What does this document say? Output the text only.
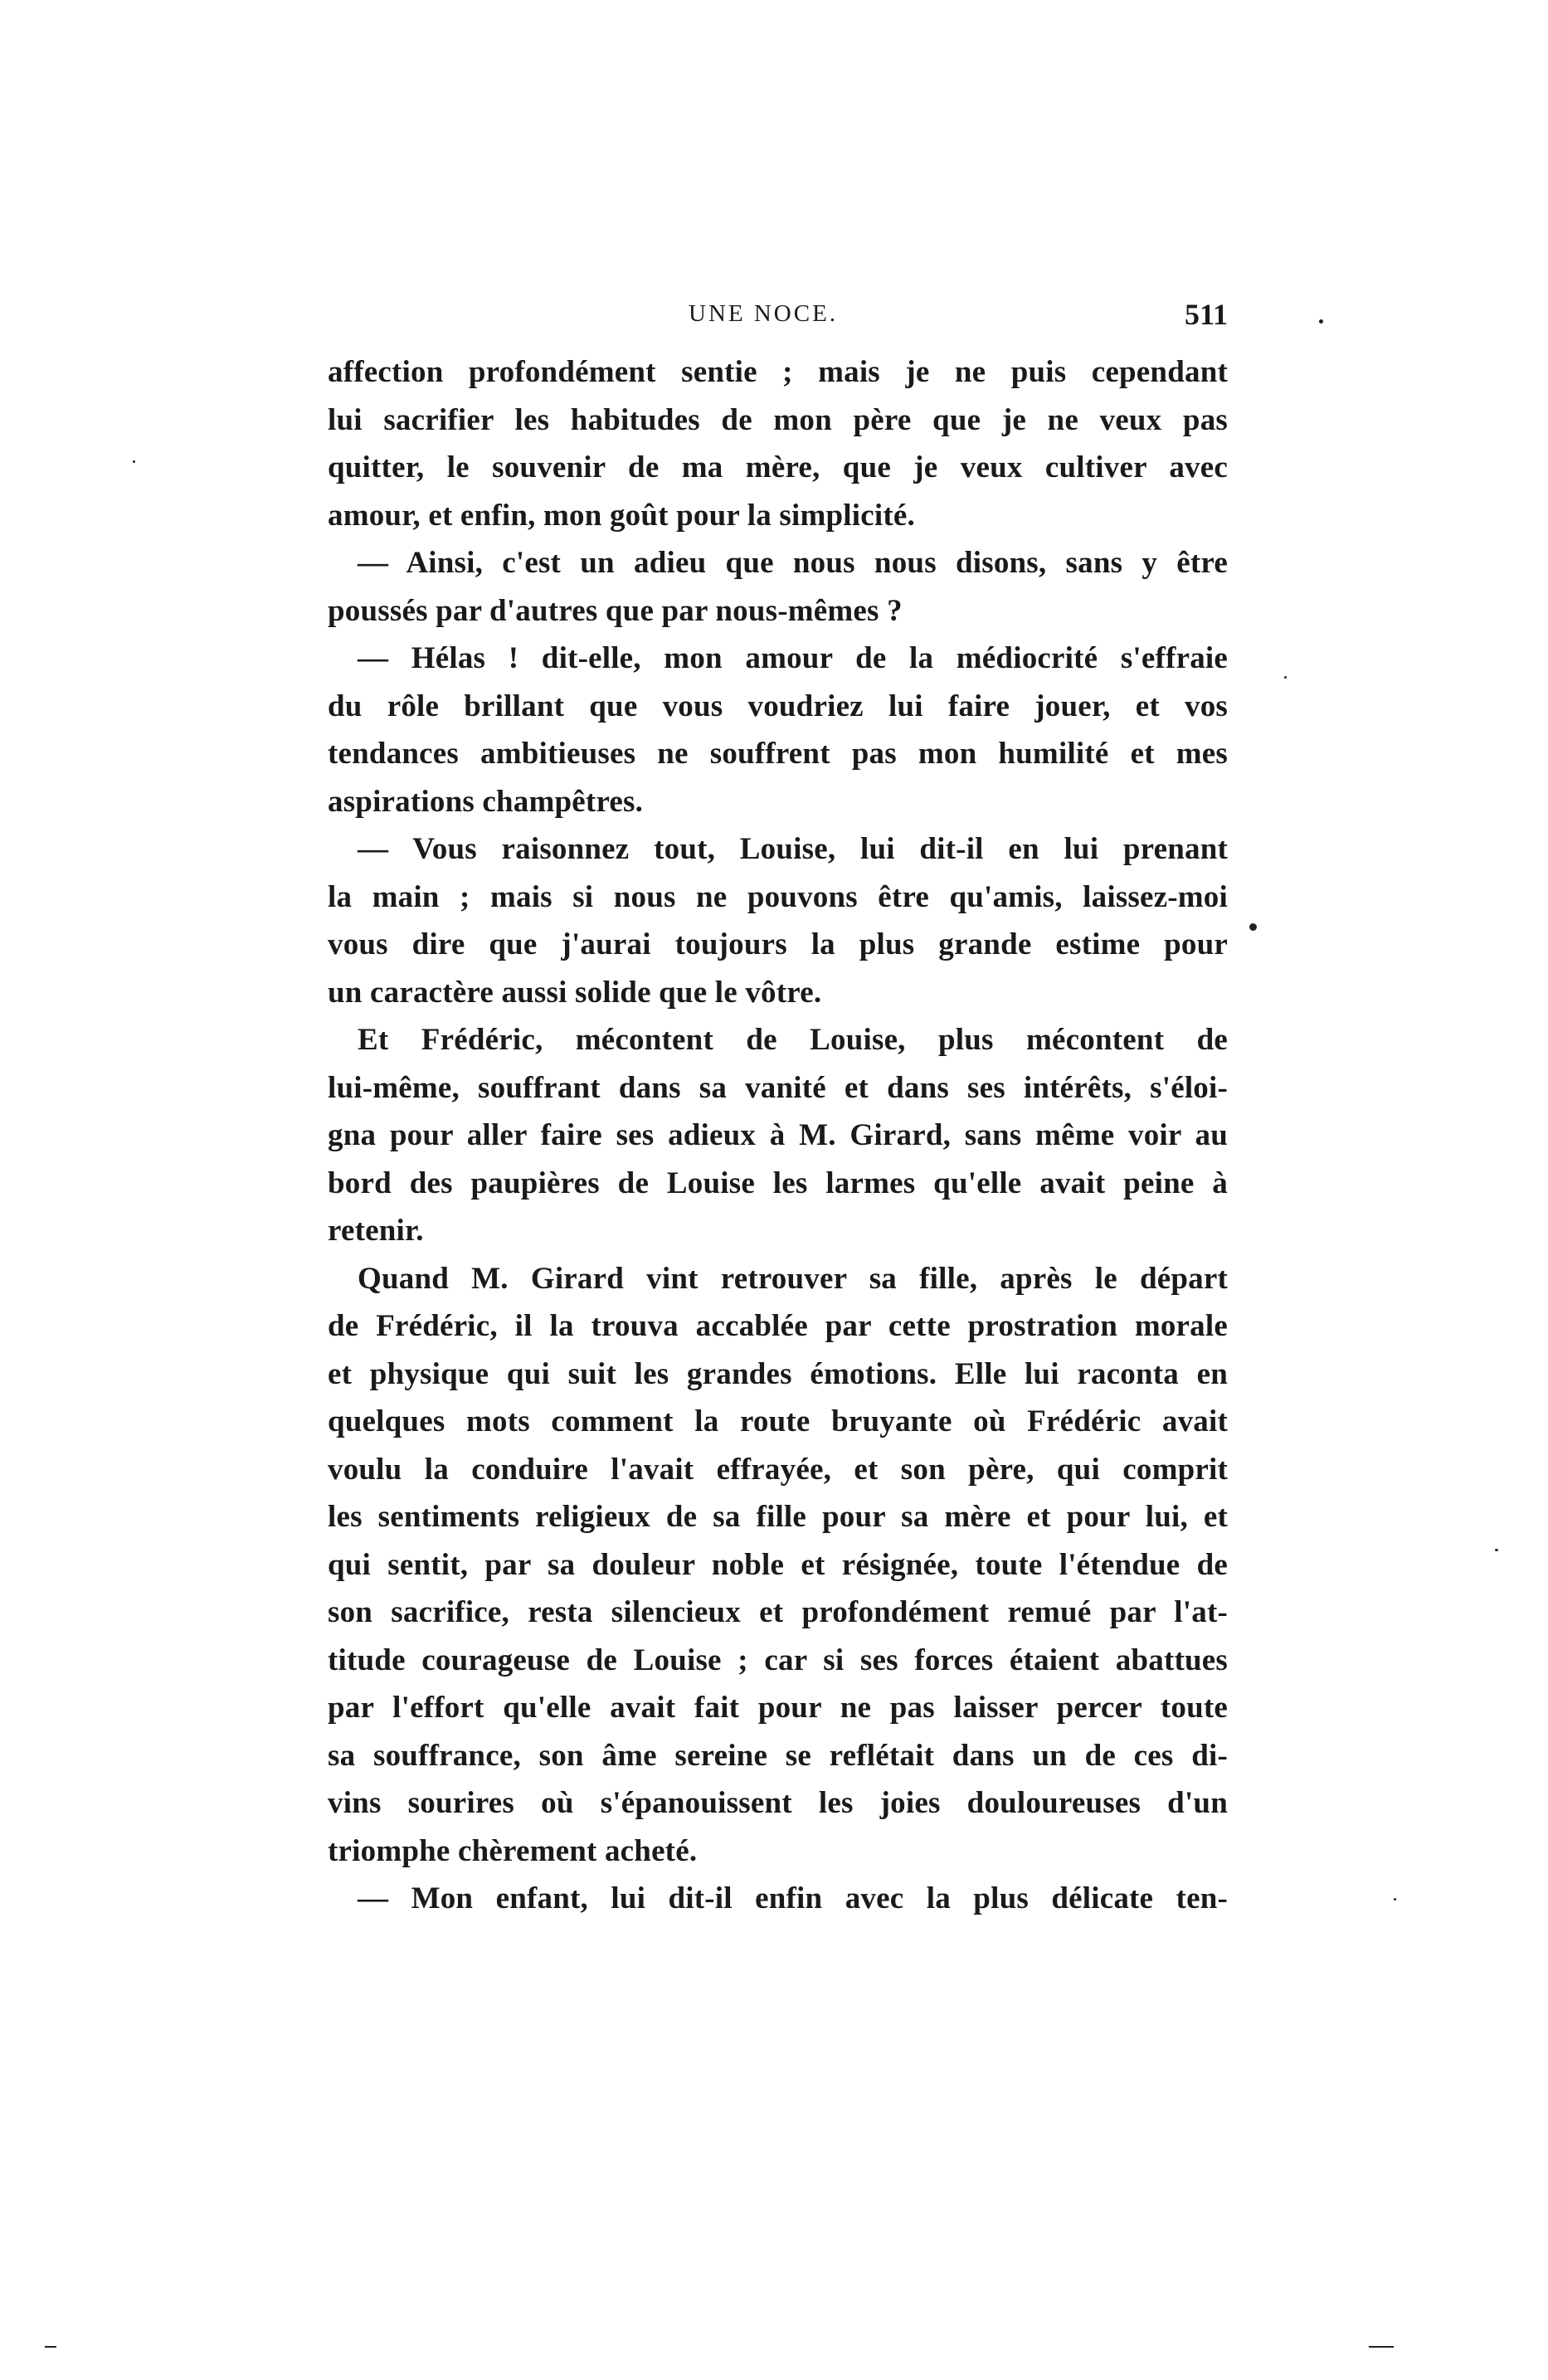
UNE NOCE.	511
affection profondément sentie ; mais je ne puis cependant
lui sacrifier les habitudes de mon père que je ne veux pas
quitter, le souvenir de ma mère, que je veux cultiver avec
amour, et enfin, mon goût pour la simplicité.
— Ainsi, c'est un adieu que nous nous disons, sans y être
poussés par d'autres que par nous-mêmes ?
— Hélas ! dit-elle, mon amour de la médiocrité s'effraie
du rôle brillant que vous voudriez lui faire jouer, et vos
tendances ambitieuses ne souffrent pas mon humilité et mes
aspirations champêtres.
— Vous raisonnez tout, Louise, lui dit-il en lui prenant
la main ; mais si nous ne pouvons être qu'amis, laissez-moi
vous dire que j'aurai toujours la plus grande estime pour
un caractère aussi solide que le vôtre.
Et Frédéric, mécontent de Louise, plus mécontent de
lui-même, souffrant dans sa vanité et dans ses intérêts, s'éloi-
gna pour aller faire ses adieux à M. Girard, sans même voir au
bord des paupières de Louise les larmes qu'elle avait peine à
retenir.
Quand M. Girard vint retrouver sa fille, après le départ
de Frédéric, il la trouva accablée par cette prostration morale
et physique qui suit les grandes émotions. Elle lui raconta en
quelques mots comment la route bruyante où Frédéric avait
voulu la conduire l'avait effrayée, et son père, qui comprit
les sentiments religieux de sa fille pour sa mère et pour lui, et
qui sentit, par sa douleur noble et résignée, toute l'étendue de
son sacrifice, resta silencieux et profondément remué par l'at-
titude courageuse de Louise ; car si ses forces étaient abattues
par l'effort qu'elle avait fait pour ne pas laisser percer toute
sa souffrance, son âme sereine se reflétait dans un de ces di-
vins sourires où s'épanouissent les joies douloureuses d'un
triomphe chèrement acheté.
— Mon enfant, lui dit-il enfin avec la plus délicate ten-
